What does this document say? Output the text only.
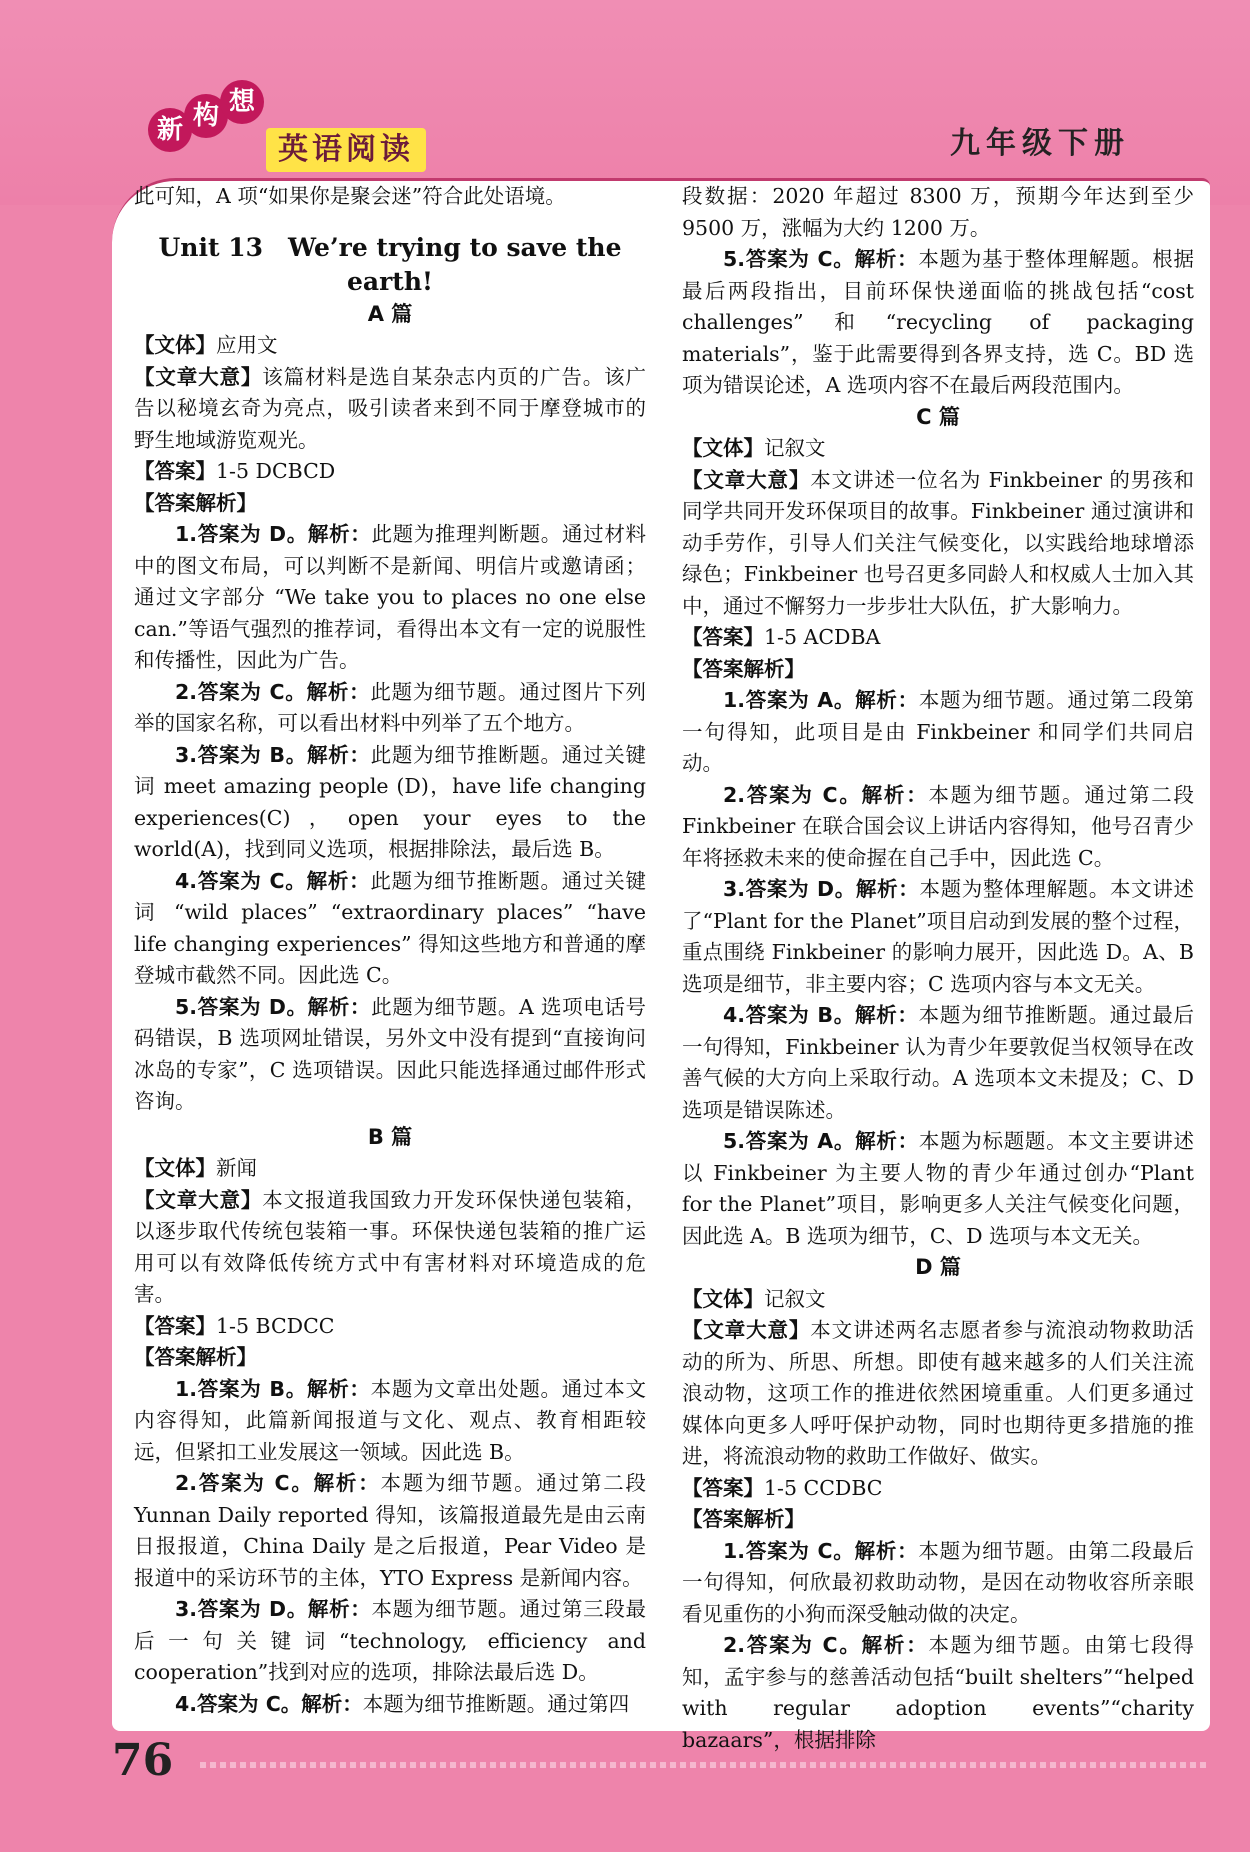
新 构 想
英语阅读	九年级下册

此可知，A 项“如果你是聚会迷”符合此处语境。

Unit 13　We’re trying to save the earth!

A 篇

【文体】应用文

【文章大意】该篇材料是选自某杂志内页的广告。该广告以秘境玄奇为亮点，吸引读者来到不同于摩登城市的野生地域游览观光。

【答案】1-5 DCBCD

【答案解析】

1.答案为 D。解析：此题为推理判断题。通过材料中的图文布局，可以判断不是新闻、明信片或邀请函；通过文字部分 “We take you to places no one else can.”等语气强烈的推荐词，看得出本文有一定的说服性和传播性，因此为广告。

2.答案为 C。解析：此题为细节题。通过图片下列举的国家名称，可以看出材料中列举了五个地方。

3.答案为 B。解析：此题为细节推断题。通过关键词 meet amazing people (D)，have life changing experiences(C)，open your eyes to the world(A)，找到同义选项，根据排除法，最后选 B。

4.答案为 C。解析：此题为细节推断题。通过关键词 “wild places” “extraordinary places” “have life changing experiences” 得知这些地方和普通的摩登城市截然不同。因此选 C。

5.答案为 D。解析：此题为细节题。A 选项电话号码错误，B 选项网址错误，另外文中没有提到“直接询问冰岛的专家”，C 选项错误。因此只能选择通过邮件形式咨询。

B 篇

【文体】新闻

【文章大意】本文报道我国致力开发环保快递包装箱，以逐步取代传统包装箱一事。环保快递包装箱的推广运用可以有效降低传统方式中有害材料对环境造成的危害。

【答案】1-5 BCDCC

【答案解析】

1.答案为 B。解析：本题为文章出处题。通过本文内容得知，此篇新闻报道与文化、观点、教育相距较远，但紧扣工业发展这一领域。因此选 B。

2.答案为 C。解析：本题为细节题。通过第二段 Yunnan Daily reported 得知，该篇报道最先是由云南日报报道，China Daily 是之后报道，Pear Video 是报道中的采访环节的主体，YTO Express 是新闻内容。

3.答案为 D。解析：本题为细节题。通过第三段最后一句关键词“technology, efficiency and cooperation”找到对应的选项，排除法最后选 D。

4.答案为 C。解析：本题为细节推断题。通过第四

段数据：2020 年超过 8300 万，预期今年达到至少 9500 万，涨幅为大约 1200 万。

5.答案为 C。解析：本题为基于整体理解题。根据最后两段指出，目前环保快递面临的挑战包括“cost challenges”和“recycling of packaging materials”，鉴于此需要得到各界支持，选 C。BD 选项为错误论述，A 选项内容不在最后两段范围内。

C 篇

【文体】记叙文

【文章大意】本文讲述一位名为 Finkbeiner 的男孩和同学共同开发环保项目的故事。Finkbeiner 通过演讲和动手劳作，引导人们关注气候变化，以实践给地球增添绿色；Finkbeiner 也号召更多同龄人和权威人士加入其中，通过不懈努力一步步壮大队伍，扩大影响力。

【答案】1-5 ACDBA

【答案解析】

1.答案为 A。解析：本题为细节题。通过第二段第一句得知，此项目是由 Finkbeiner 和同学们共同启动。

2.答案为 C。解析：本题为细节题。通过第二段 Finkbeiner 在联合国会议上讲话内容得知，他号召青少年将拯救未来的使命握在自己手中，因此选 C。

3.答案为 D。解析：本题为整体理解题。本文讲述了“Plant for the Planet”项目启动到发展的整个过程，重点围绕 Finkbeiner 的影响力展开，因此选 D。A、B 选项是细节，非主要内容；C 选项内容与本文无关。

4.答案为 B。解析：本题为细节推断题。通过最后一句得知，Finkbeiner 认为青少年要敦促当权领导在改善气候的大方向上采取行动。A 选项本文未提及；C、D 选项是错误陈述。

5.答案为 A。解析：本题为标题题。本文主要讲述以 Finkbeiner 为主要人物的青少年通过创办“Plant for the Planet”项目，影响更多人关注气候变化问题，因此选 A。B 选项为细节，C、D 选项与本文无关。

D 篇

【文体】记叙文

【文章大意】本文讲述两名志愿者参与流浪动物救助活动的所为、所思、所想。即使有越来越多的人们关注流浪动物，这项工作的推进依然困境重重。人们更多通过媒体向更多人呼吁保护动物，同时也期待更多措施的推进，将流浪动物的救助工作做好、做实。

【答案】1-5 CCDBC

【答案解析】

1.答案为 C。解析：本题为细节题。由第二段最后一句得知，何欣最初救助动物，是因在动物收容所亲眼看见重伤的小狗而深受触动做的决定。

2.答案为 C。解析：本题为细节题。由第七段得知，孟宇参与的慈善活动包括“built shelters”“helped with regular adoption events”“charity bazaars”，根据排除

76
